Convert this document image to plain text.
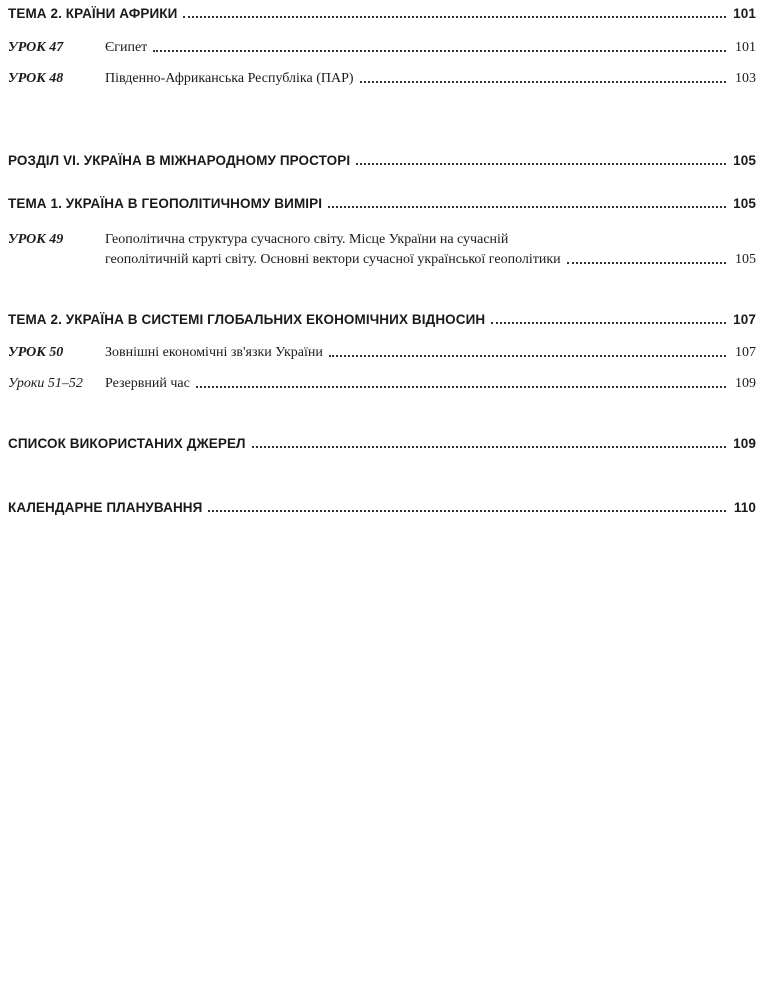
ТЕМА 2. КРАЇНИ АФРИКИ	101
УРОК 47	Єгипет	101
УРОК 48	Південно-Африканська Республіка (ПАР)	103
РОЗДІЛ VI. УКРАЇНА В МІЖНАРОДНОМУ ПРОСТОРІ	105
ТЕМА 1. УКРАЇНА В ГЕОПОЛІТИЧНОМУ ВИМІРІ	105
УРОК 49	Геополітична структура сучасного світу. Місце України на сучасній
геополітичній карті світу. Основні вектори сучасної української геополітики	105
ТЕМА 2. УКРАЇНА В СИСТЕМІ ГЛОБАЛЬНИХ ЕКОНОМІЧНИХ ВІДНОСИН	107
УРОК 50	Зовнішні економічні зв'язки України	107
Уроки 51–52	Резервний час	109
СПИСОК ВИКОРИСТАНИХ ДЖЕРЕЛ	109
КАЛЕНДАРНЕ ПЛАНУВАННЯ	110
